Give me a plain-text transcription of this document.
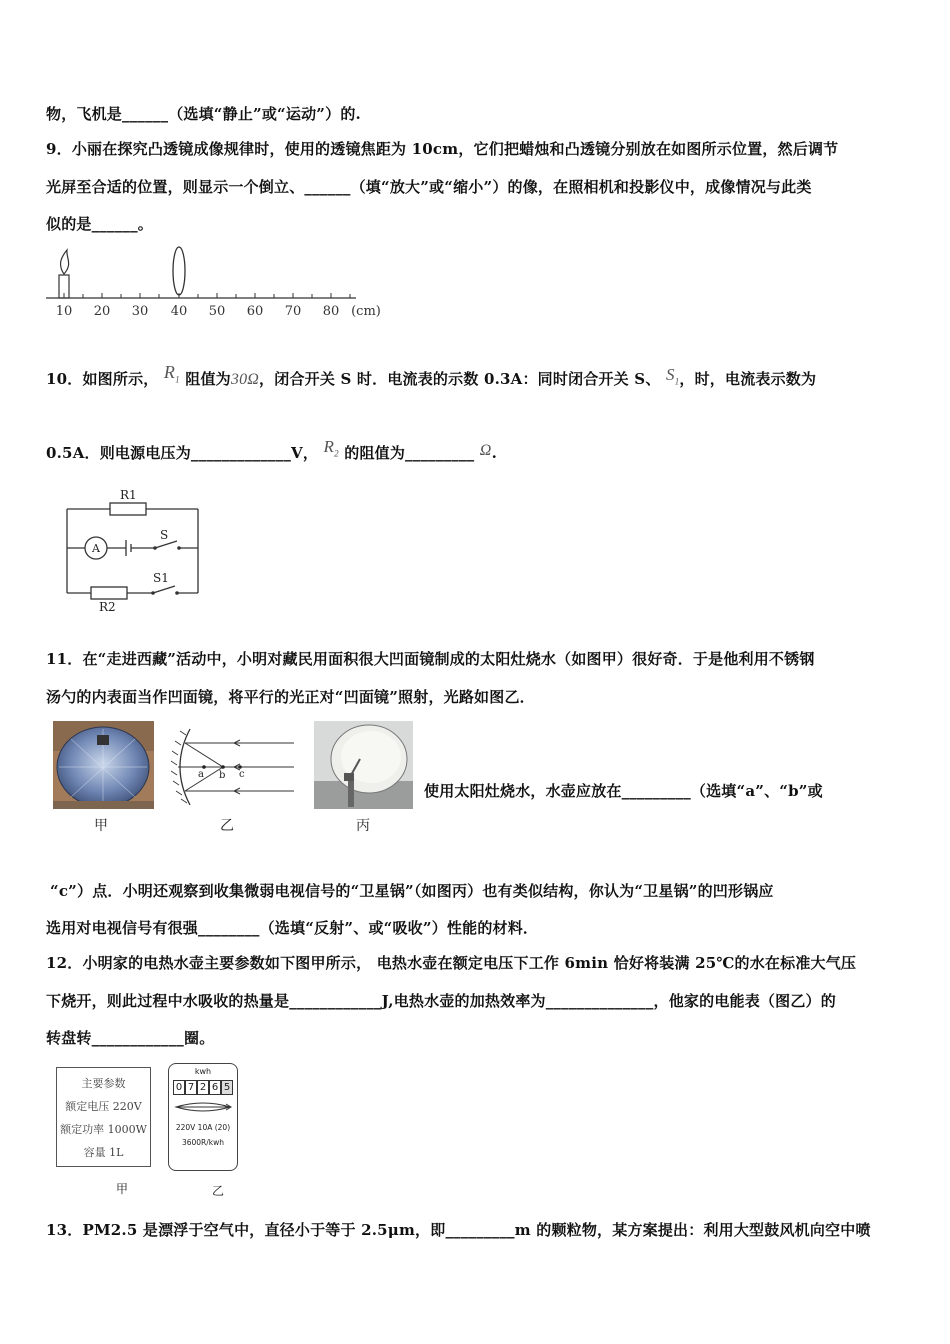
物，飞机是______（选填“静止”或“运动”）的.
9．小丽在探究凸透镜成像规律时，使用的透镜焦距为 10cm，它们把蜡烛和凸透镜分别放在如图所示位置，然后调节
光屏至合适的位置，则显示一个倒立、______（填“放大”或“缩小”）的像，在照相机和投影仪中，成像情况与此类
似的是______。
10 20 30 40 50 60 70 80 (cm)
10．如图所示， $R_1$ 阻值为30Ω，闭合开关 S 时．电流表的示数 0.3A：同时闭合开关 S、 $S_1$，时，电流表示数为
0.5A．则电源电压为_____________V， $R_2$ 的阻值为_________ Ω.
R1
A
S
S1
R2
11．在“走进西藏”活动中，小明对藏民用面积很大凹面镜制成的太阳灶烧水（如图甲）很好奇．于是他利用不锈钢
汤勺的内表面当作凹面镜，将平行的光正对“凹面镜”照射，光路如图乙．
a b c
甲	乙	丙
使用太阳灶烧水，水壶应放在_________（选填“a”、“b”或
“c”）点．小明还观察到收集微弱电视信号的“卫星锅”（如图丙）也有类似结构，你认为“卫星锅”的凹形锅应
选用对电视信号有很强________（选填“反射”、或“吸收”）性能的材料．
12．小明家的电热水壶主要参数如下图甲所示， 电热水壶在额定电压下工作 6min 恰好将装满 25℃的水在标准大气压
下烧开，则此过程中水吸收的热量是____________J,电热水壶的加热效率为______________，他家的电能表（图乙）的
转盘转____________圈。
主要参数
额定电压 220V
额定功率 1000W
容量 1L
kwh
0 7 2 6 5
220V 10A (20)
3600R/kwh
甲	乙
13．PM2.5 是漂浮于空气中，直径小于等于 2.5μm，即_________m 的颗粒物，某方案提出：利用大型鼓风机向空中喷
